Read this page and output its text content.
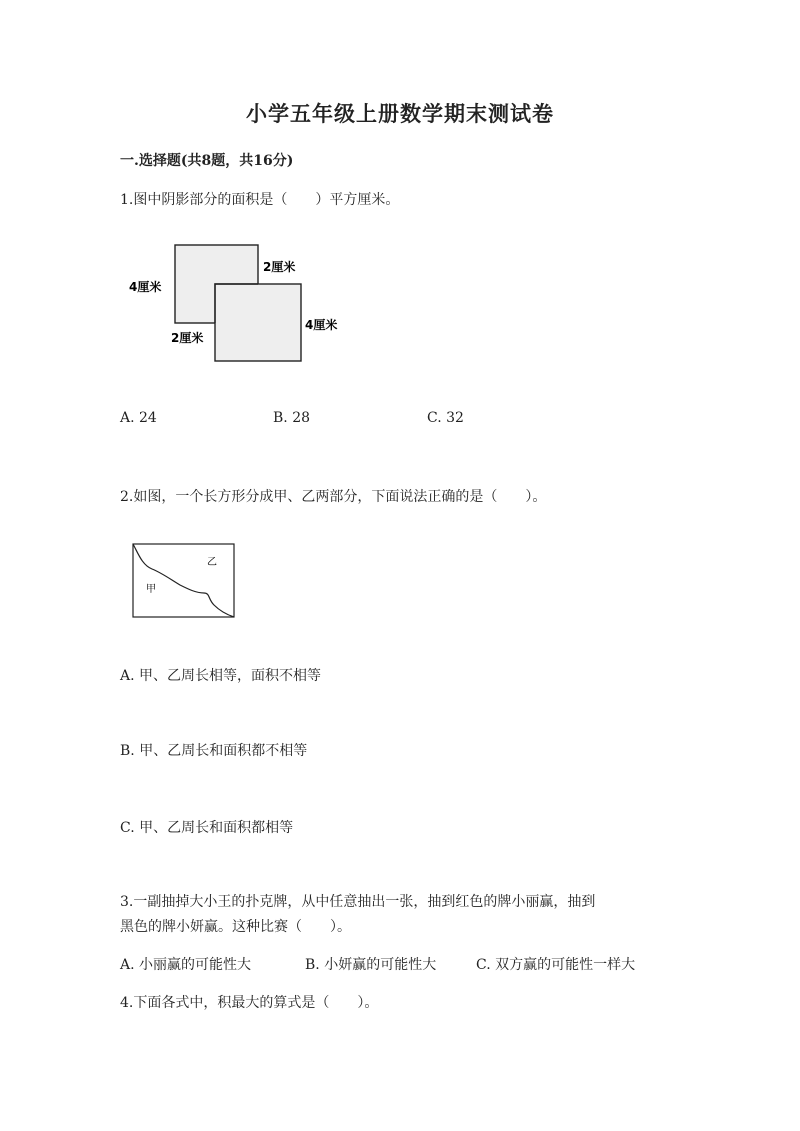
小学五年级上册数学期末测试卷
一.选择题(共8题，共16分)
1.图中阴影部分的面积是（　　）平方厘米。
4厘米
2厘米
2厘米
4厘米
A. 24	B. 28	C. 32
2.如图，一个长方形分成甲、乙两部分，下面说法正确的是（　　）。
乙
甲
A. 甲、乙周长相等，面积不相等
B. 甲、乙周长和面积都不相等
C. 甲、乙周长和面积都相等
3.一副抽掉大小王的扑克牌，从中任意抽出一张，抽到红色的牌小丽赢，抽到
黑色的牌小妍赢。这种比赛（　　）。
A. 小丽赢的可能性大	B. 小妍赢的可能性大	C. 双方赢的可能性一样大
4.下面各式中，积最大的算式是（　　）。
